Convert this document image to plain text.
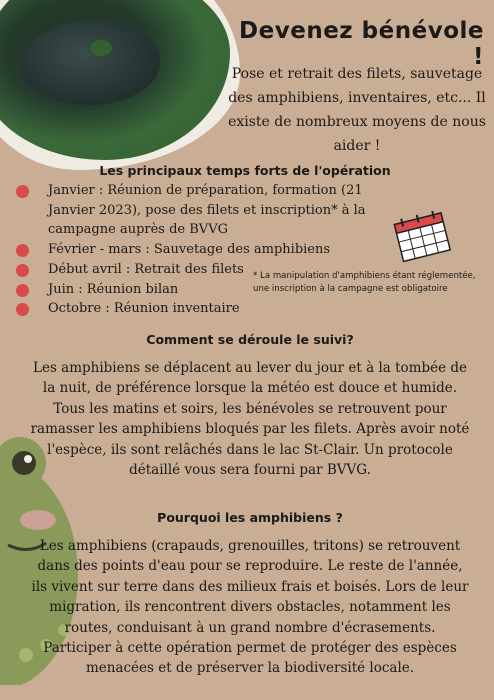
Devenez bénévole !
Pose et retrait des filets, sauvetage des amphibiens, inventaires, etc... Il existe de nombreux moyens de nous aider !
Les principaux temps forts de l'opération
Janvier : Réunion de préparation, formation (21 Janvier 2023), pose des filets et inscription* à la campagne auprès de BVVG
Février - mars : Sauvetage des amphibiens
Début avril : Retrait des filets
Juin : Réunion bilan
Octobre : Réunion inventaire
* La manipulation d'amphibiens étant réglementée, une inscription à la campagne est obligatoire
Comment se déroule le suivi?
Les amphibiens se déplacent au lever du jour et à la tombée de la nuit, de préférence lorsque la météo est douce et humide. Tous les matins et soirs, les bénévoles se retrouvent pour ramasser les amphibiens bloqués par les filets. Après avoir noté l'espèce, ils sont relâchés dans le lac St-Clair. Un protocole détaillé vous sera fourni par BVVG.
Pourquoi les amphibiens ?
Les amphibiens (crapauds, grenouilles, tritons) se retrouvent dans des points d'eau pour se reproduire. Le reste de l'année, ils vivent sur terre dans des milieux frais et boisés. Lors de leur migration, ils rencontrent divers obstacles, notamment les routes, conduisant à un grand nombre d'écrasements. Participer à cette opération permet de protéger des espèces menacées et de préserver la biodiversité locale.
